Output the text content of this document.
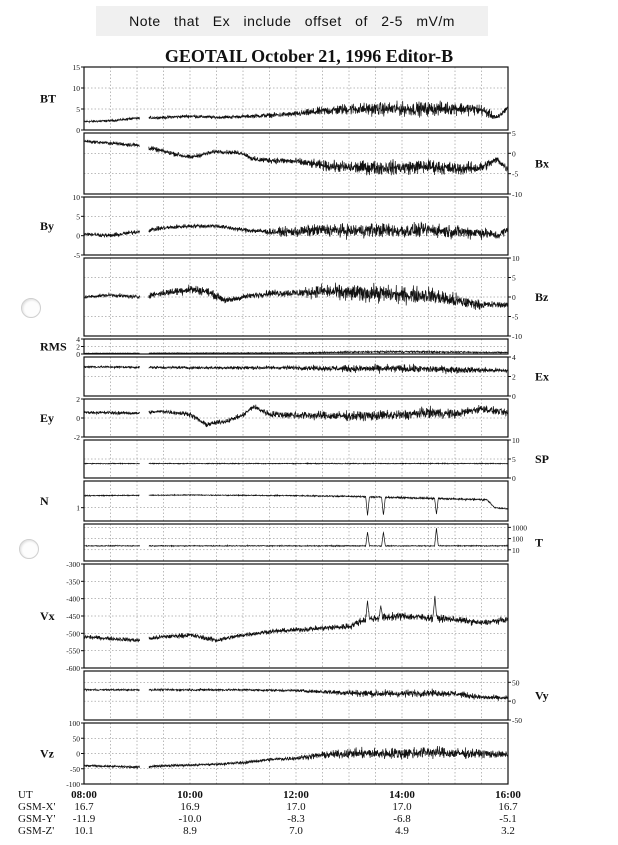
Note that Ex include offset of 2-5 mV/m
GEOTAIL October 21, 1996 Editor-B
15
10
5
0
BT
5
0
-5
-10
Bx
10
5
0
-5
By
10
5
0
-5
-10
Bz
4
2
0
RMS
4
2
0
Ex
2
0
-2
Ey
10
5
0
SP
1
N
1000
100
10
T
-300
-350
-400
-450
-500
-550
-600
Vx
50
0
-50
Vy
100
50
0
-50
-100
Vz
UT
GSM-X'
GSM-Y'
GSM-Z'
08:00
16.7
-11.9
10.1
10:00
16.9
-10.0
8.9
12:00
17.0
-8.3
7.0
14:00
17.0
-6.8
4.9
16:00
16.7
-5.1
3.2
